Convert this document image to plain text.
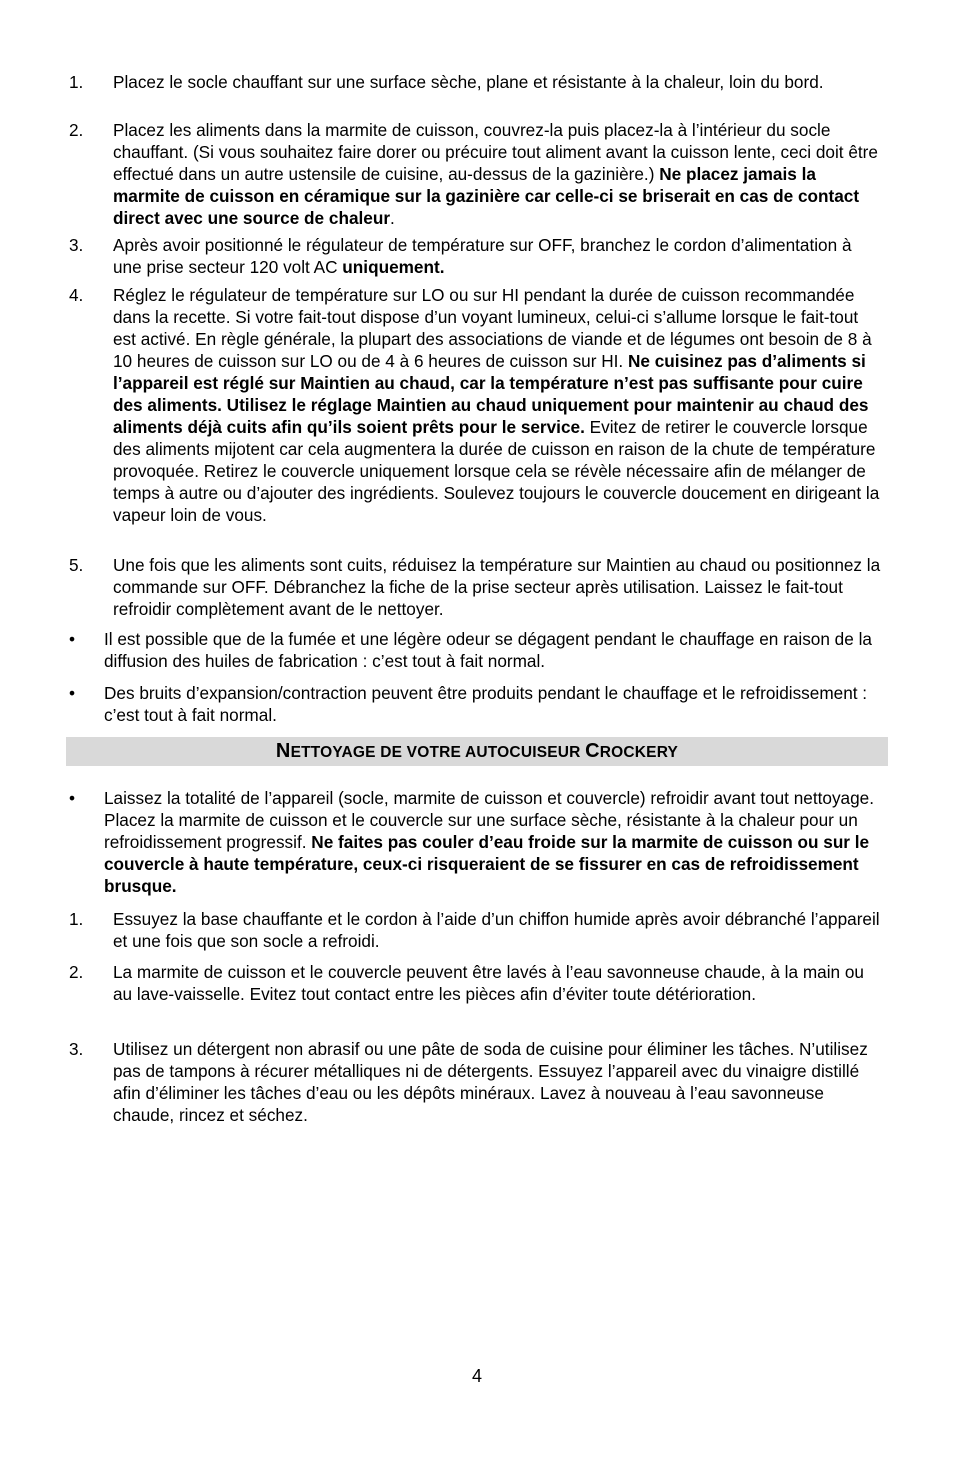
1. Placez le socle chauffant sur une surface sèche, plane et résistante à la chaleur, loin du bord.
2. Placez les aliments dans la marmite de cuisson, couvrez-la puis placez-la à l’intérieur du socle chauffant. (Si vous souhaitez faire dorer ou précuire tout aliment avant la cuisson lente, ceci doit être effectué dans un autre ustensile de cuisine, au-dessus de la gazinière.) Ne placez jamais la marmite de cuisson en céramique sur la gazinière car celle-ci se briserait en cas de contact direct avec une source de chaleur.
3. Après avoir positionné le régulateur de température sur OFF, branchez le cordon d’alimentation à une prise secteur 120 volt AC uniquement.
4. Réglez le régulateur de température sur LO ou sur HI pendant la durée de cuisson recommandée dans la recette. Si votre fait-tout dispose d’un voyant lumineux, celui-ci s’allume lorsque le fait-tout est activé. En règle générale, la plupart des associations de viande et de légumes ont besoin de 8 à 10 heures de cuisson sur LO ou de 4 à 6 heures de cuisson sur HI. Ne cuisinez pas d’aliments si l’appareil est réglé sur Maintien au chaud, car la température n’est pas suffisante pour cuire des aliments. Utilisez le réglage Maintien au chaud uniquement pour maintenir au chaud des aliments déjà cuits afin qu’ils soient prêts pour le service. Evitez de retirer le couvercle lorsque des aliments mijotent car cela augmentera la durée de cuisson en raison de la chute de température provoquée. Retirez le couvercle uniquement lorsque cela se révèle nécessaire afin de mélanger de temps à autre ou d’ajouter des ingrédients. Soulevez toujours le couvercle doucement en dirigeant la vapeur loin de vous.
5. Une fois que les aliments sont cuits, réduisez la température sur Maintien au chaud ou positionnez la commande sur OFF. Débranchez la fiche de la prise secteur après utilisation. Laissez le fait-tout refroidir complètement avant de le nettoyer.
• Il est possible que de la fumée et une légère odeur se dégagent pendant le chauffage en raison de la diffusion des huiles de fabrication : c’est tout à fait normal.
• Des bruits d’expansion/contraction peuvent être produits pendant le chauffage et le refroidissement : c’est tout à fait normal.
NETTOYAGE DE VOTRE AUTOCUISEUR CROCKERY
• Laissez la totalité de l’appareil (socle, marmite de cuisson et couvercle) refroidir avant tout nettoyage. Placez la marmite de cuisson et le couvercle sur une surface sèche, résistante à la chaleur pour un refroidissement progressif. Ne faites pas couler d’eau froide sur la marmite de cuisson ou sur le couvercle à haute température, ceux-ci risqueraient de se fissurer en cas de refroidissement brusque.
1. Essuyez la base chauffante et le cordon à l’aide d’un chiffon humide après avoir débranché l’appareil et une fois que son socle a refroidi.
2. La marmite de cuisson et le couvercle peuvent être lavés à l’eau savonneuse chaude, à la main ou au lave-vaisselle. Evitez tout contact entre les pièces afin d’éviter toute détérioration.
3. Utilisez un détergent non abrasif ou une pâte de soda de cuisine pour éliminer les tâches. N’utilisez pas de tampons à récurer métalliques ni de détergents. Essuyez l’appareil avec du vinaigre distillé afin d’éliminer les tâches d’eau ou les dépôts minéraux. Lavez à nouveau à l’eau savonneuse chaude, rincez et séchez.
4
